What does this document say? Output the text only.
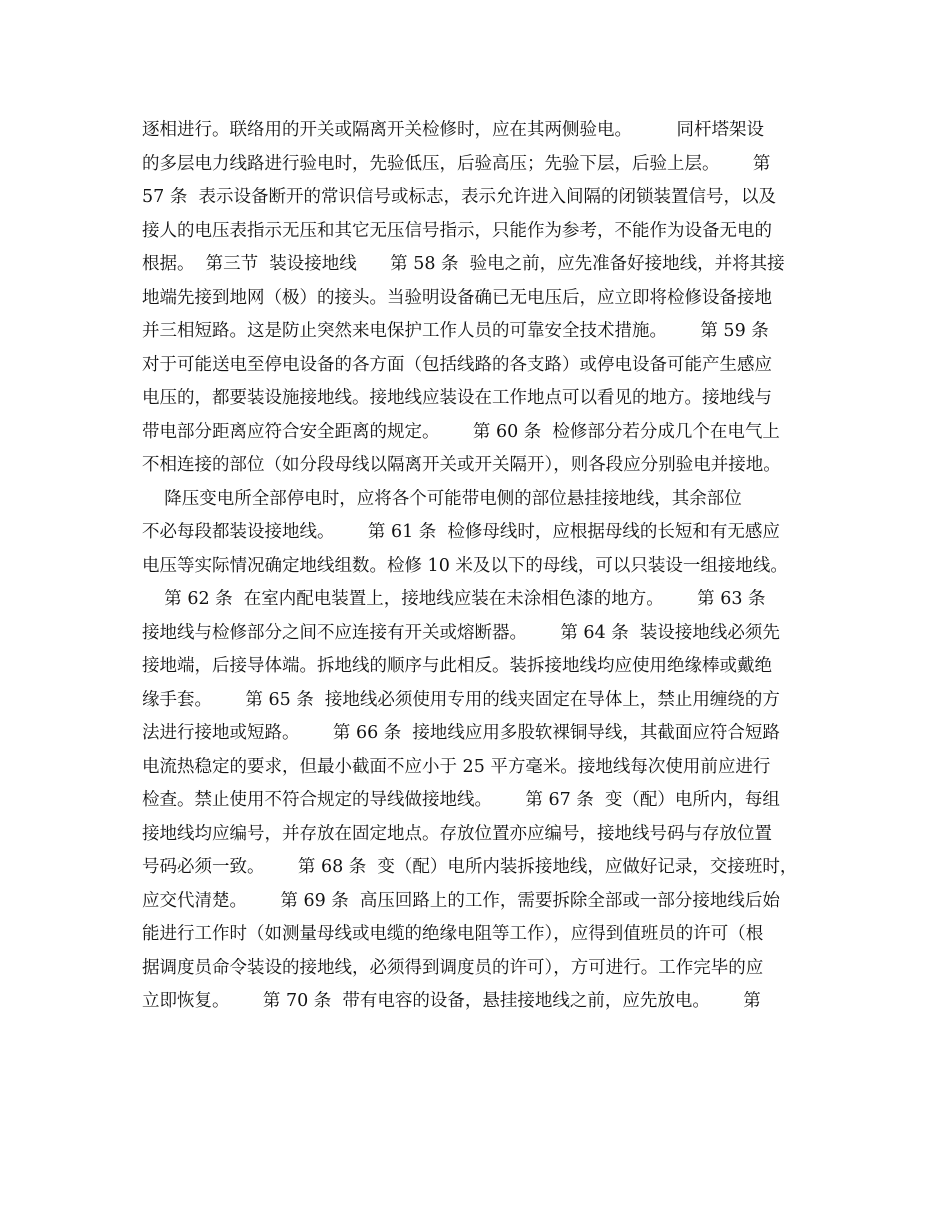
逐相进行。联络用的开关或隔离开关检修时，应在其两侧验电。        同杆塔架设
的多层电力线路进行验电时，先验低压，后验高压；先验下层，后验上层。      第
57 条  表示设备断开的常识信号或标志，表示允许进入间隔的闭锁装置信号，以及
接人的电压表指示无压和其它无压信号指示，只能作为参考，不能作为设备无电的
根据。  第三节  装设接地线      第 58 条  验电之前，应先准备好接地线，并将其接
地端先接到地网（极）的接头。当验明设备确已无电压后，应立即将检修设备接地
并三相短路。这是防止突然来电保护工作人员的可靠安全技术措施。      第 59 条
对于可能送电至停电设备的各方面（包括线路的各支路）或停电设备可能产生感应
电压的，都要装设施接地线。接地线应装设在工作地点可以看见的地方。接地线与
带电部分距离应符合安全距离的规定。      第 60 条  检修部分若分成几个在电气上
不相连接的部位（如分段母线以隔离开关或开关隔开），则各段应分别验电并接地。
降压变电所全部停电时，应将各个可能带电侧的部位悬挂接地线，其余部位
不必每段都装设接地线。      第 61 条  检修母线时，应根据母线的长短和有无感应
电压等实际情况确定地线组数。检修 10 米及以下的母线，可以只装设一组接地线。
第 62 条  在室内配电装置上，接地线应装在未涂相色漆的地方。      第 63 条
接地线与检修部分之间不应连接有开关或熔断器。      第 64 条  装设接地线必须先
接地端，后接导体端。拆地线的顺序与此相反。装拆接地线均应使用绝缘棒或戴绝
缘手套。      第 65 条  接地线必须使用专用的线夹固定在导体上，禁止用缠绕的方
法进行接地或短路。      第 66 条  接地线应用多股软裸铜导线，其截面应符合短路
电流热稳定的要求，但最小截面不应小于 25 平方毫米。接地线每次使用前应进行
检查。禁止使用不符合规定的导线做接地线。      第 67 条  变（配）电所内，每组
接地线均应编号，并存放在固定地点。存放位置亦应编号，接地线号码与存放位置
号码必须一致。      第 68 条  变（配）电所内装拆接地线，应做好记录，交接班时，
应交代清楚。      第 69 条  高压回路上的工作，需要拆除全部或一部分接地线后始
能进行工作时（如测量母线或电缆的绝缘电阻等工作），应得到值班员的许可（根
据调度员命令装设的接地线，必须得到调度员的许可），方可进行。工作完毕的应
立即恢复。      第 70 条  带有电容的设备，悬挂接地线之前，应先放电。      第
